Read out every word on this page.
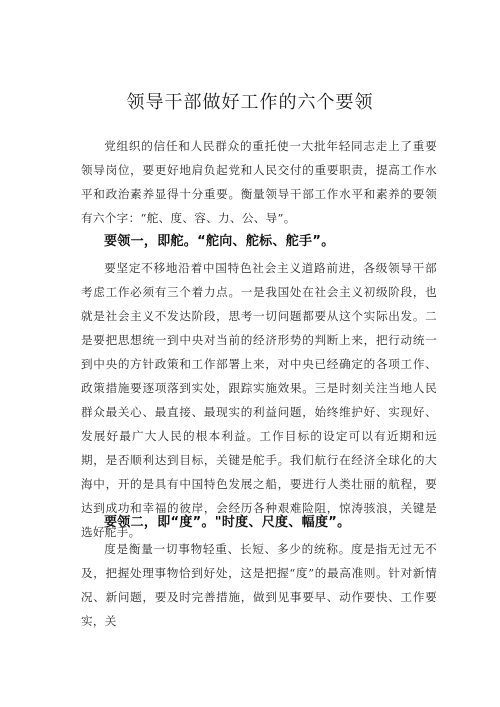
领导干部做好工作的六个要领

党组织的信任和人民群众的重托使一大批年轻同志走上了重要领导岗位，要更好地肩负起党和人民交付的重要职责，提高工作水平和政治素养显得十分重要。衡量领导干部工作水平和素养的要领有六个字：“舵、度、容、力、公、导”。

要领一，即舵。“舵向、舵标、舵手”。

要坚定不移地沿着中国特色社会主义道路前进，各级领导干部考虑工作必须有三个着力点。一是我国处在社会主义初级阶段，也就是社会主义不发达阶段，思考一切问题都要从这个实际出发。二是要把思想统一到中央对当前的经济形势的判断上来，把行动统一到中央的方针政策和工作部署上来，对中央已经确定的各项工作、政策措施要逐项落到实处，跟踪实施效果。三是时刻关注当地人民群众最关心、最直接、最现实的利益问题，始终维护好、实现好、发展好最广大人民的根本利益。工作目标的设定可以有近期和远期，是否顺利达到目标，关键是舵手。我们航行在经济全球化的大海中，开的是具有中国特色发展之船，要进行人类壮丽的航程，要达到成功和幸福的彼岸，会经历各种艰难险阻，惊涛骇浪，关键是选好舵手。

要领二，即“度”。"时度、尺度、幅度”。

度是衡量一切事物轻重、长短、多少的统称。度是指无过无不及，把握处理事物恰到好处，这是把握“度”的最高准则。针对新情况、新问题，要及时完善措施，做到见事要早、动作要快、工作要实，关
